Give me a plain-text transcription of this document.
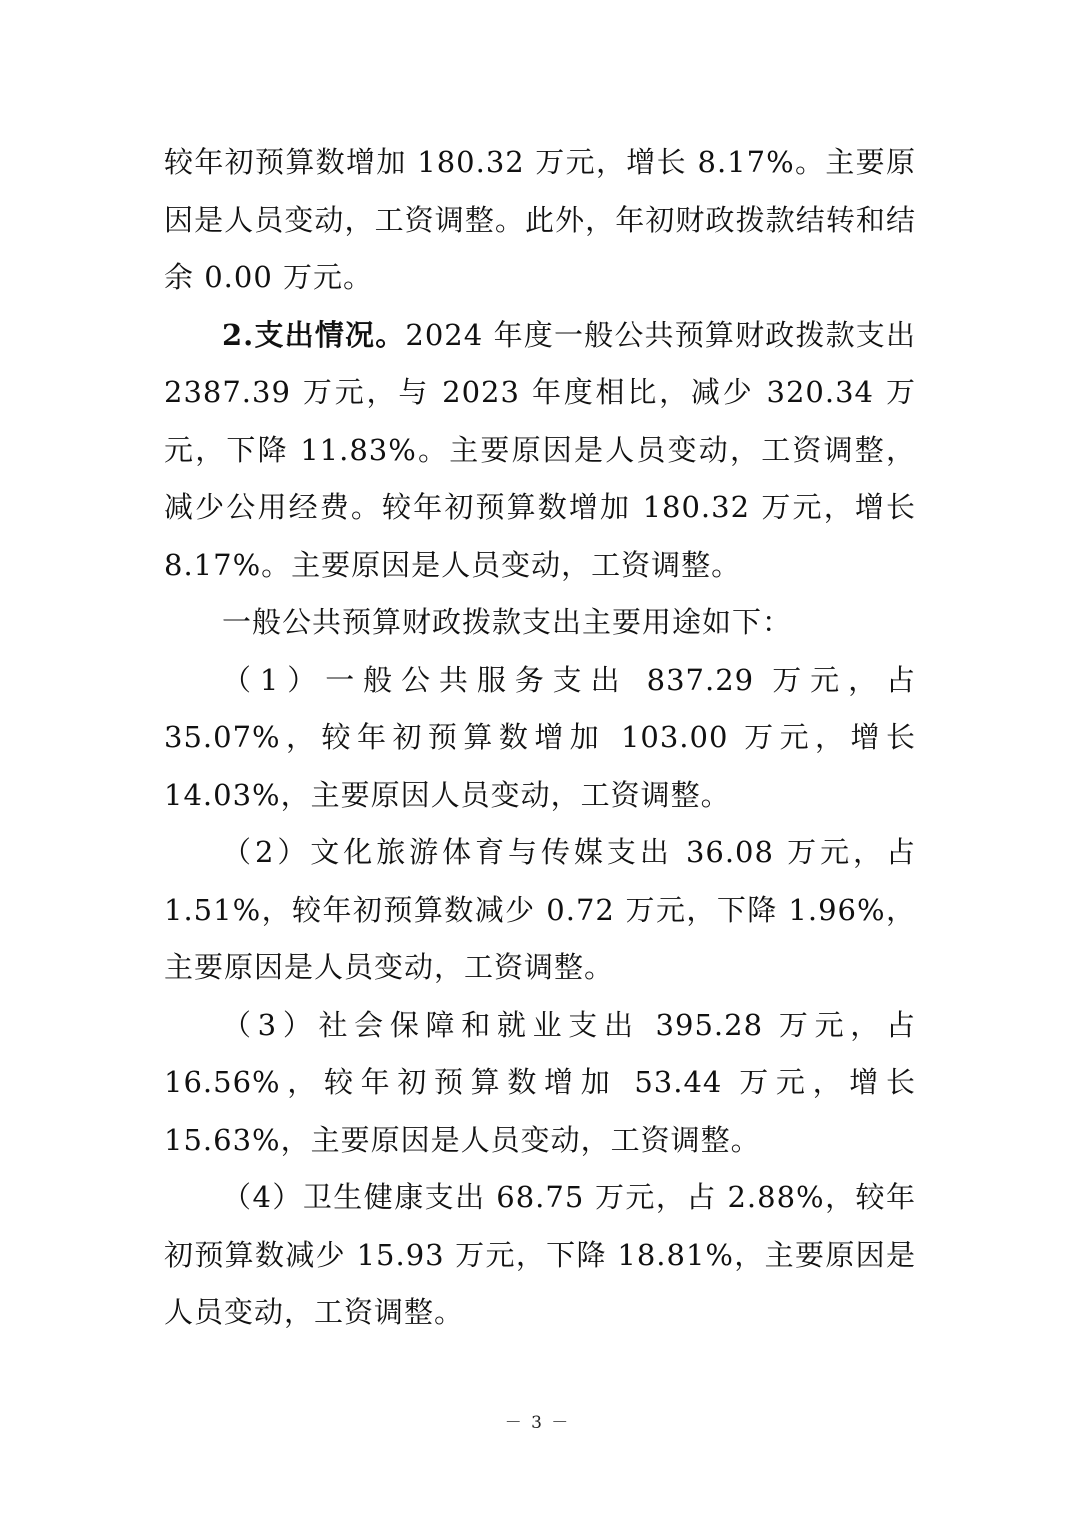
较年初预算数增加 180.32 万元，增长 8.17%。主要原因是人员变动，工资调整。此外，年初财政拨款结转和结余 0.00 万元。

2.支出情况。2024 年度一般公共预算财政拨款支出 2387.39 万元，与 2023 年度相比，减少 320.34 万元，下降 11.83%。主要原因是人员变动，工资调整，减少公用经费。较年初预算数增加 180.32 万元，增长 8.17%。主要原因是人员变动，工资调整。

一般公共预算财政拨款支出主要用途如下：

（1）一般公共服务支出 837.29 万元，占 35.07%，较年初预算数增加 103.00 万元，增长 14.03%，主要原因人员变动，工资调整。

（2）文化旅游体育与传媒支出 36.08 万元，占 1.51%，较年初预算数减少 0.72 万元，下降 1.96%，主要原因是人员变动，工资调整。

（3）社会保障和就业支出 395.28 万元，占 16.56%，较年初预算数增加 53.44 万元，增长 15.63%，主要原因是人员变动，工资调整。

（4）卫生健康支出 68.75 万元，占 2.88%，较年初预算数减少 15.93 万元，下降 18.81%，主要原因是人员变动，工资调整。

－ 3 －
